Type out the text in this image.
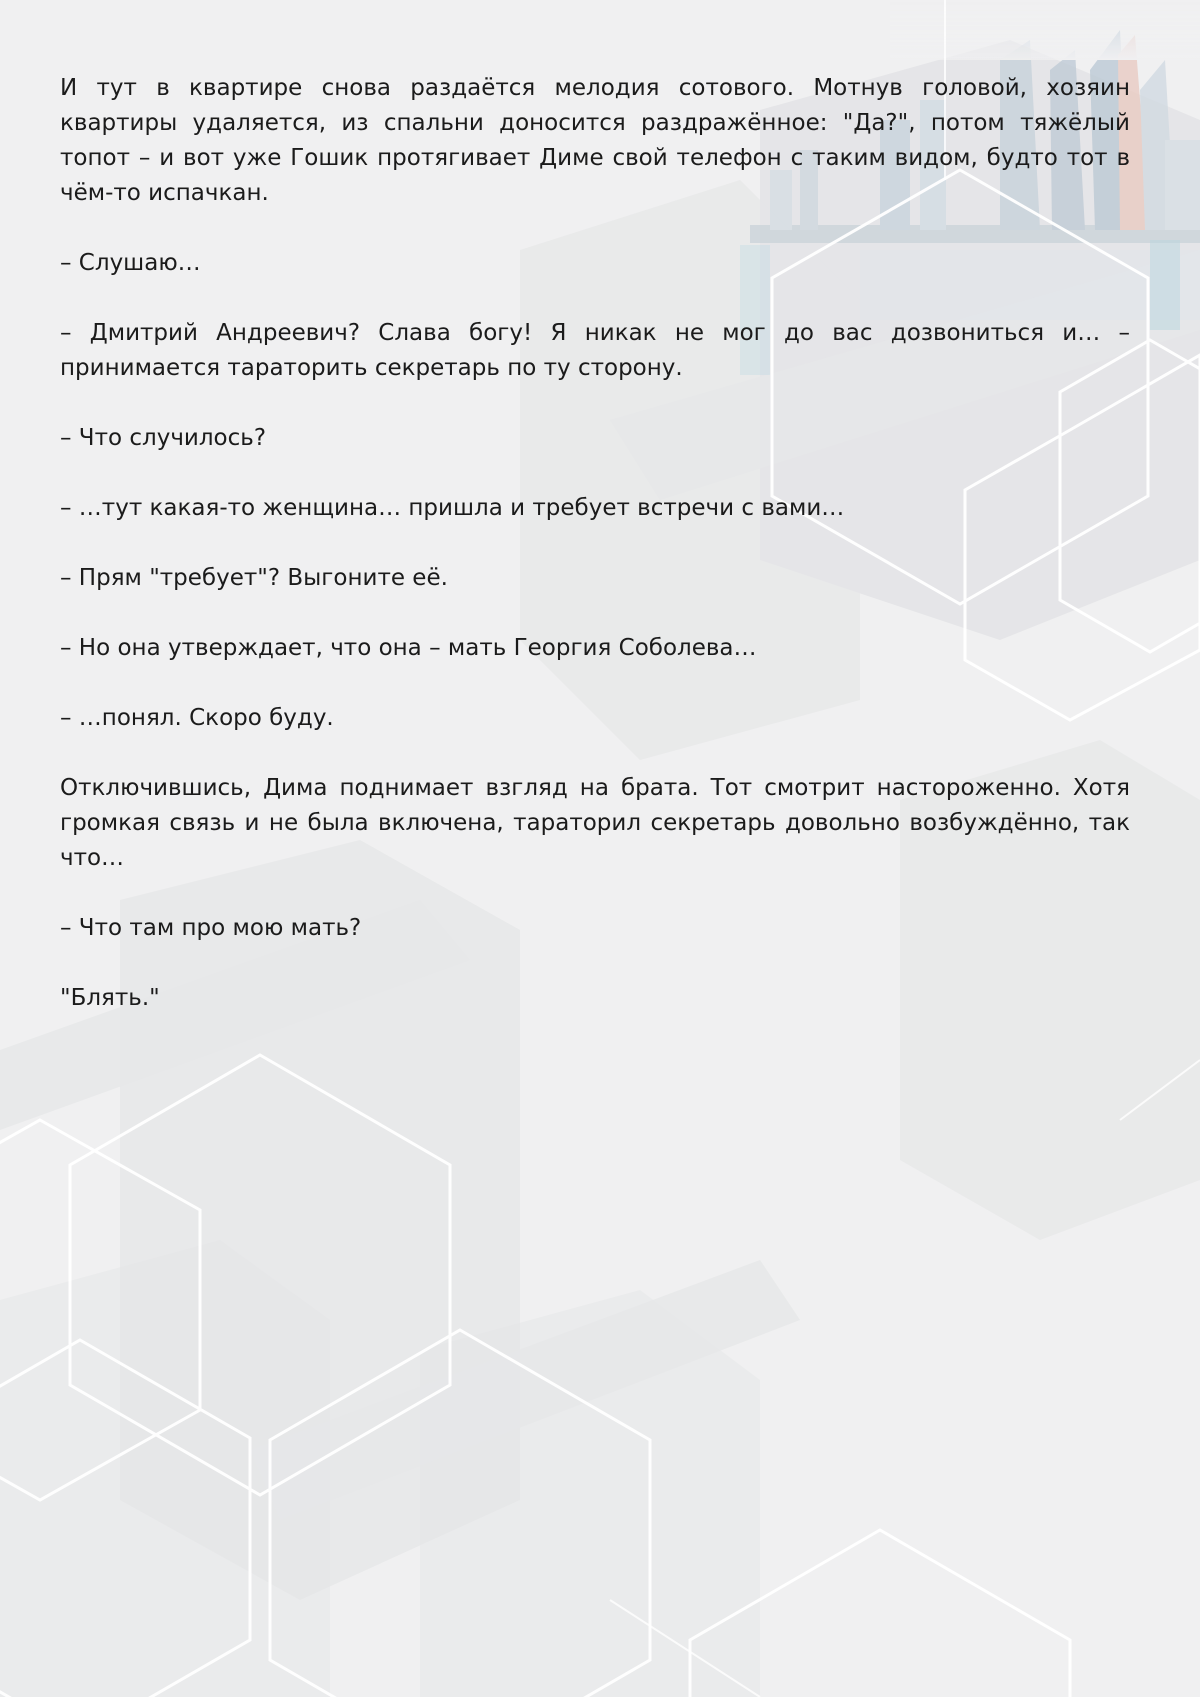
И тут в квартире снова раздаётся мелодия сотового. Мотнув головой, хозяин квартиры удаляется, из спальни доносится раздражённое: "Да?", потом тяжёлый топот – и вот уже Гошик протягивает Диме свой телефон с таким видом, будто тот в чём-то испачкан.

– Слушаю…

– Дмитрий Андреевич? Слава богу! Я никак не мог до вас дозвониться и… – принимается тараторить секретарь по ту сторону.

– Что случилось?

– …тут какая-то женщина… пришла и требует встречи с вами…

– Прям "требует"? Выгоните её.

– Но она утверждает, что она – мать Георгия Соболева…

– …понял. Скоро буду.

Отключившись, Дима поднимает взгляд на брата. Тот смотрит настороженно. Хотя громкая связь и не была включена, тараторил секретарь довольно возбуждённо, так что…

– Что там про мою мать?

"Блять."
